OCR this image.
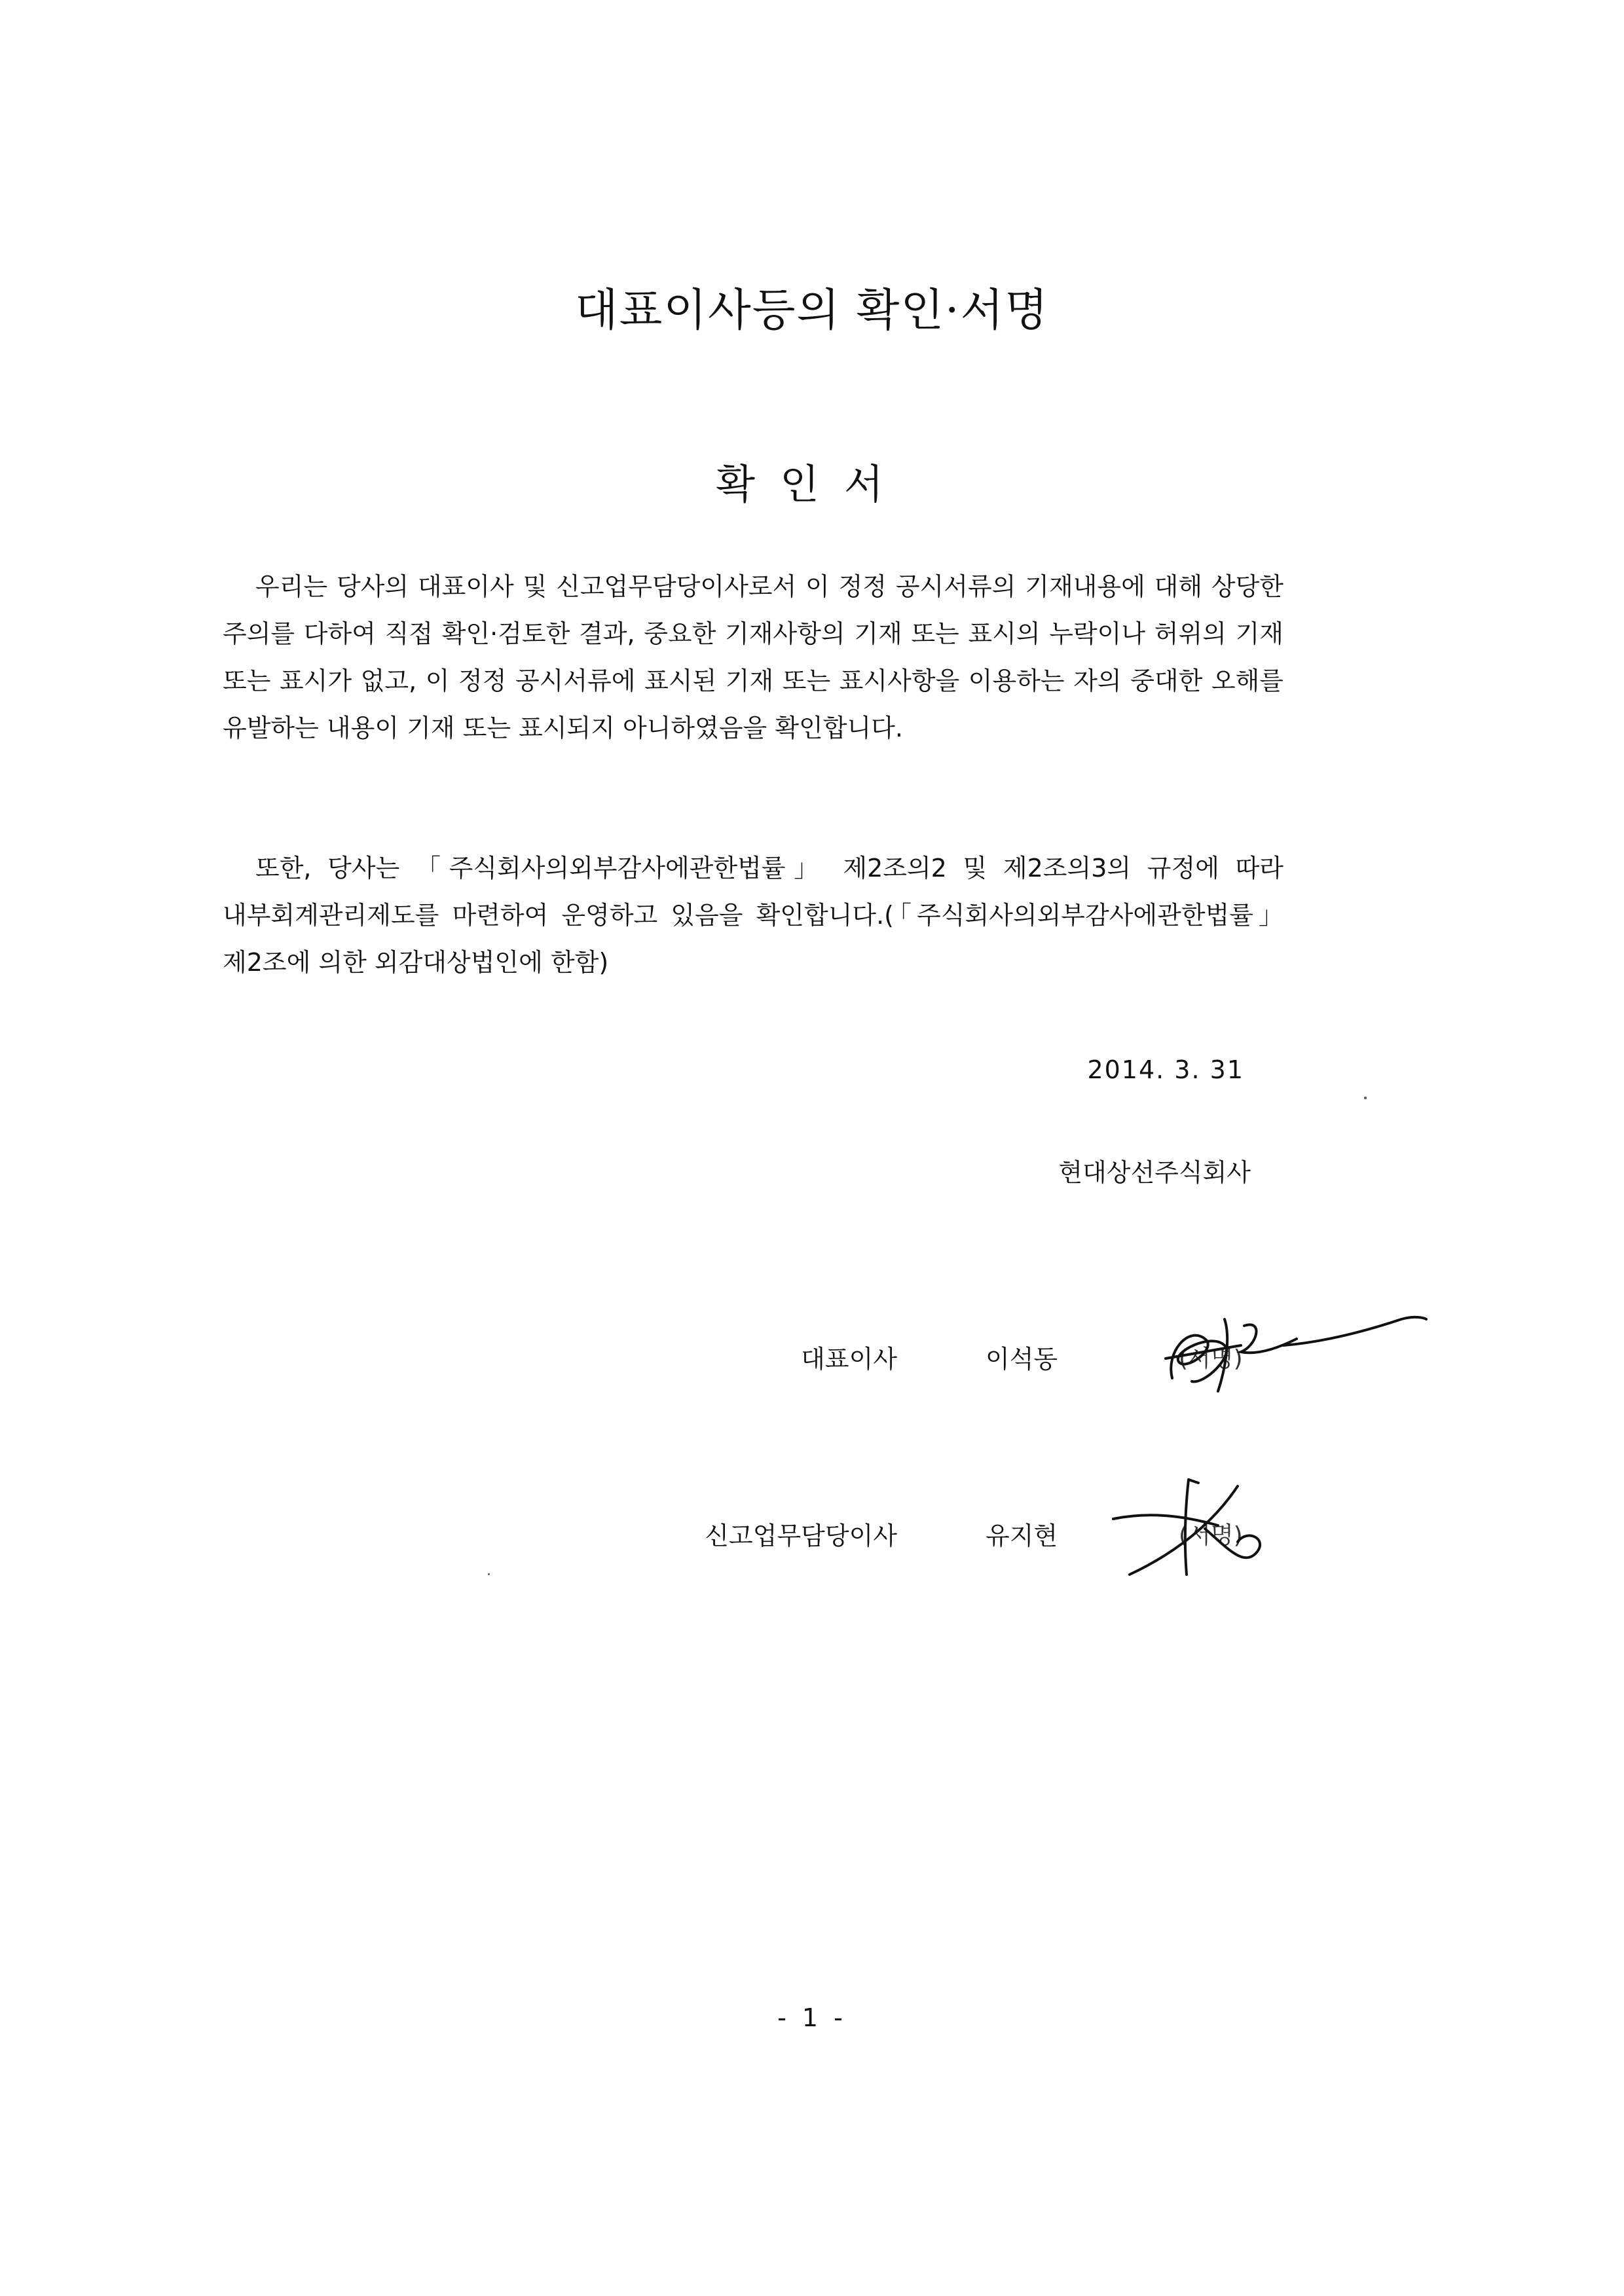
대표이사등의 확인·서명
확인서

우리는 당사의 대표이사 및 신고업무담당이사로서 이 정정 공시서류의 기재내용에 대해 상당한 주의를 다하여 직접 확인·검토한 결과, 중요한 기재사항의 기재 또는 표시의 누락이나 허위의 기재 또는 표시가 없고, 이 정정 공시서류에 표시된 기재 또는 표시사항을 이용하는 자의 중대한 오해를 유발하는 내용이 기재 또는 표시되지 아니하였음을 확인합니다.

또한, 당사는 「주식회사의외부감사에관한법률」 제2조의2 및 제2조의3의 규정에 따라 내부회계관리제도를 마련하여 운영하고 있음을 확인합니다.(「주식회사의외부감사에관한법률」 제2조에 의한 외감대상법인에 한함)

2014. 3. 31
현대상선주식회사
대표이사	이석동	(서명)
신고업무담당이사	유지현	(서명)
- 1 -
